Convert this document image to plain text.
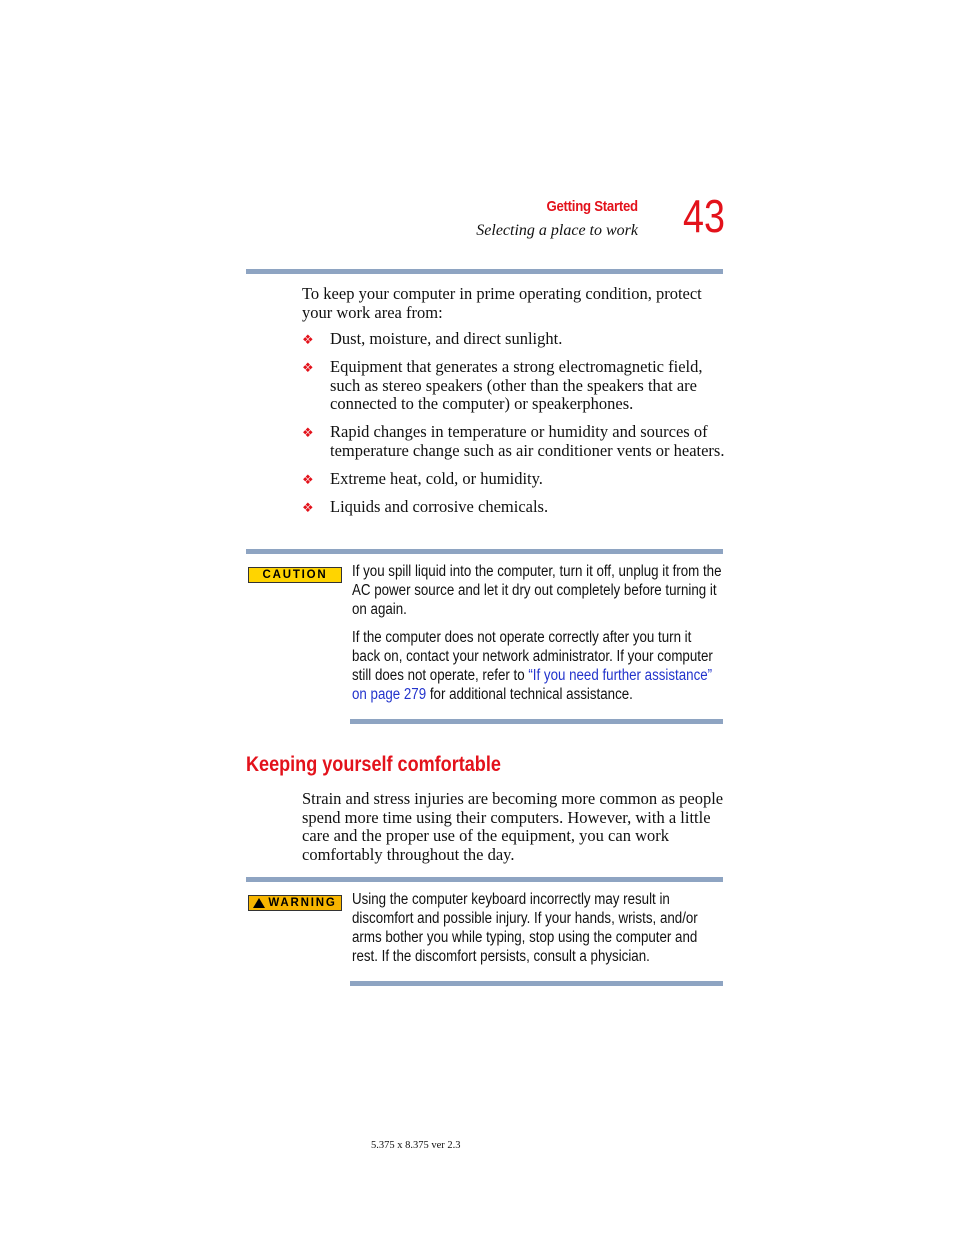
Getting Started
Selecting a place to work 43
To keep your computer in prime operating condition, protect your work area from:
❖ Dust, moisture, and direct sunlight.
❖ Equipment that generates a strong electromagnetic field, such as stereo speakers (other than the speakers that are connected to the computer) or speakerphones.
❖ Rapid changes in temperature or humidity and sources of temperature change such as air conditioner vents or heaters.
❖ Extreme heat, cold, or humidity.
❖ Liquids and corrosive chemicals.
CAUTION	If you spill liquid into the computer, turn it off, unplug it from the AC power source and let it dry out completely before turning it on again.
If the computer does not operate correctly after you turn it back on, contact your network administrator. If your computer still does not operate, refer to “If you need further assistance” on page 279 for additional technical assistance.
Keeping yourself comfortable
Strain and stress injuries are becoming more common as people spend more time using their computers. However, with a little care and the proper use of the equipment, you can work comfortably throughout the day.
WARNING Using the computer keyboard incorrectly may result in discomfort and possible injury. If your hands, wrists, and/or arms bother you while typing, stop using the computer and rest. If the discomfort persists, consult a physician.
5.375 x 8.375 ver 2.3
